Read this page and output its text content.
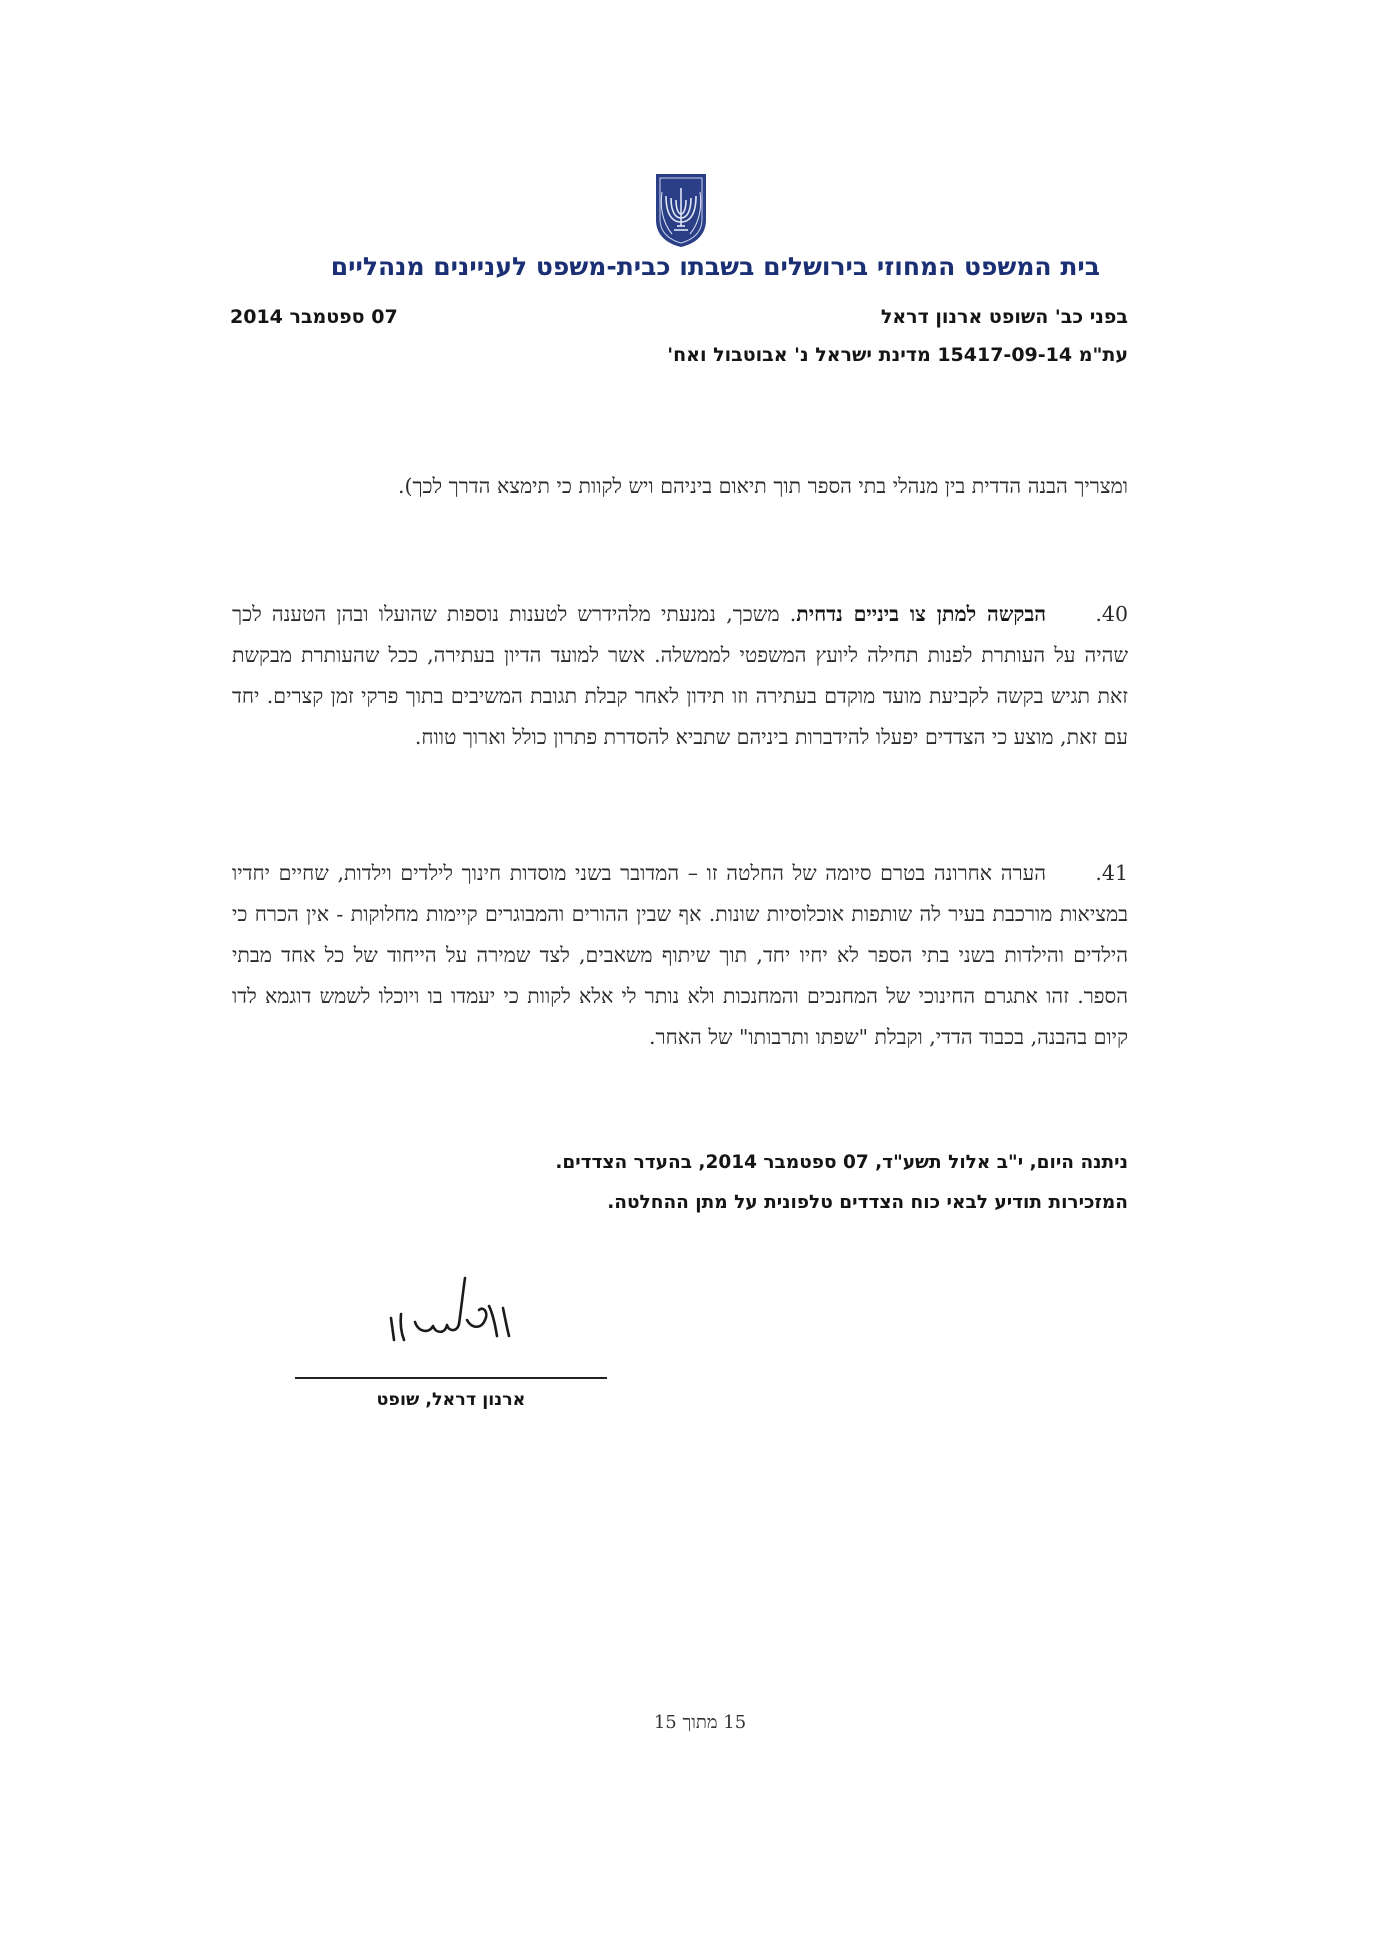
בית המשפט המחוזי בירושלים בשבתו כבית-משפט לעניינים מנהליים
בפני כב' השופט ארנון דראל
07 ספטמבר 2014
עת"מ 15417-09-14 מדינת ישראל נ' אבוטבול ואח'
ומצריך הבנה הדדית בין מנהלי בתי הספר תוך תיאום ביניהם ויש לקוות כי תימצא הדרך לכך).
40.הבקשה למתן צו ביניים נדחית. משכך, נמנעתי מלהידרש לטענות נוספות שהועלו ובהן הטענה לכך שהיה על העותרת לפנות תחילה ליועץ המשפטי לממשלה. אשר למועד הדיון בעתירה, ככל שהעותרת מבקשת זאת תגיש בקשה לקביעת מועד מוקדם בעתירה וזו תידון לאחר קבלת תגובת המשיבים בתוך פרקי זמן קצרים. יחד עם זאת, מוצע כי הצדדים יפעלו להידברות ביניהם שתביא להסדרת פתרון כולל וארוך טווח.
41.הערה אחרונה בטרם סיומה של החלטה זו – המדובר בשני מוסדות חינוך לילדים וילדות, שחיים יחדיו במציאות מורכבת בעיר לה שותפות אוכלוסיות שונות. אף שבין ההורים והמבוגרים קיימות מחלוקות - אין הכרח כי הילדים והילדות בשני בתי הספר לא יחיו יחד, תוך שיתוף משאבים, לצד שמירה על הייחוד של כל אחד מבתי הספר. זהו אתגרם החינוכי של המחנכים והמחנכות ולא נותר לי אלא לקוות כי יעמדו בו ויוכלו לשמש דוגמא לדו קיום בהבנה, בכבוד הדדי, וקבלת "שפתו ותרבותו" של האחר.
ניתנה היום, י"ב אלול תשע"ד, 07 ספטמבר 2014, בהעדר הצדדים.
המזכירות תודיע לבאי כוח הצדדים טלפונית על מתן ההחלטה.
ארנון דראל, שופט
15 מתוך 15
